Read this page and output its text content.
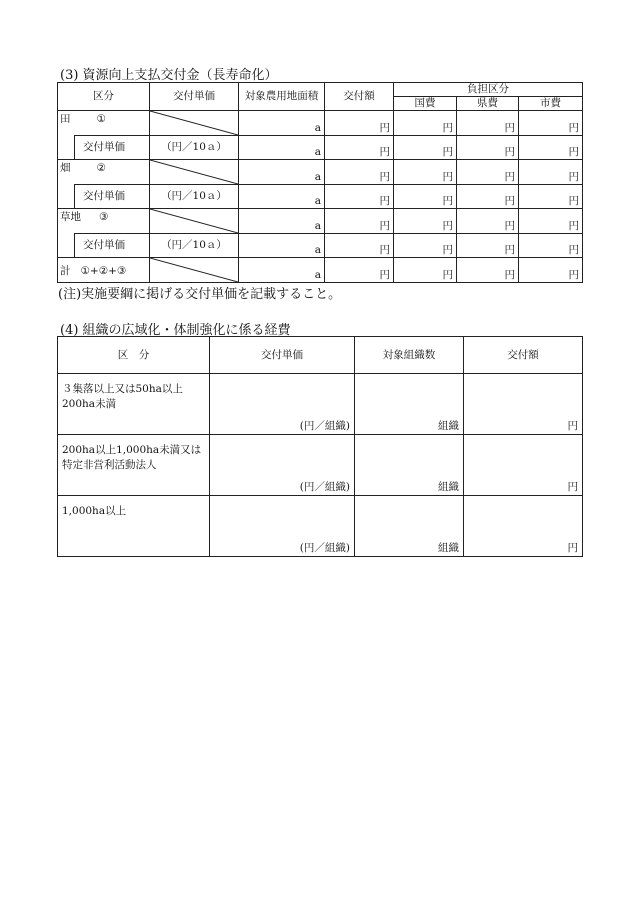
(3) 資源向上支払交付金（長寿命化）
区分		交付単価	対象農用地面積	交付額	負担区分		
					国費	県費	市費
田 ①			a	円	円	円	円
	交付単価	（円／10ａ）	a	円	円	円	円
畑 ②			a	円	円	円	円
	交付単価	（円／10ａ）	a	円	円	円	円
草地 ③			a	円	円	円	円
	交付単価	（円／10ａ）	a	円	円	円	円
計 ①+②+③			a	円	円	円	円
(注)実施要綱に掲げる交付単価を記載すること。
(4) 組織の広域化・体制強化に係る経費
区　分	交付単価	対象組織数	交付額
３集落以上又は50ha以上200ha未満	(円／組織)	組織	円
200ha以上1,000ha未満又は特定非営利活動法人	(円／組織)	組織	円
1,000ha以上	(円／組織)	組織	円
